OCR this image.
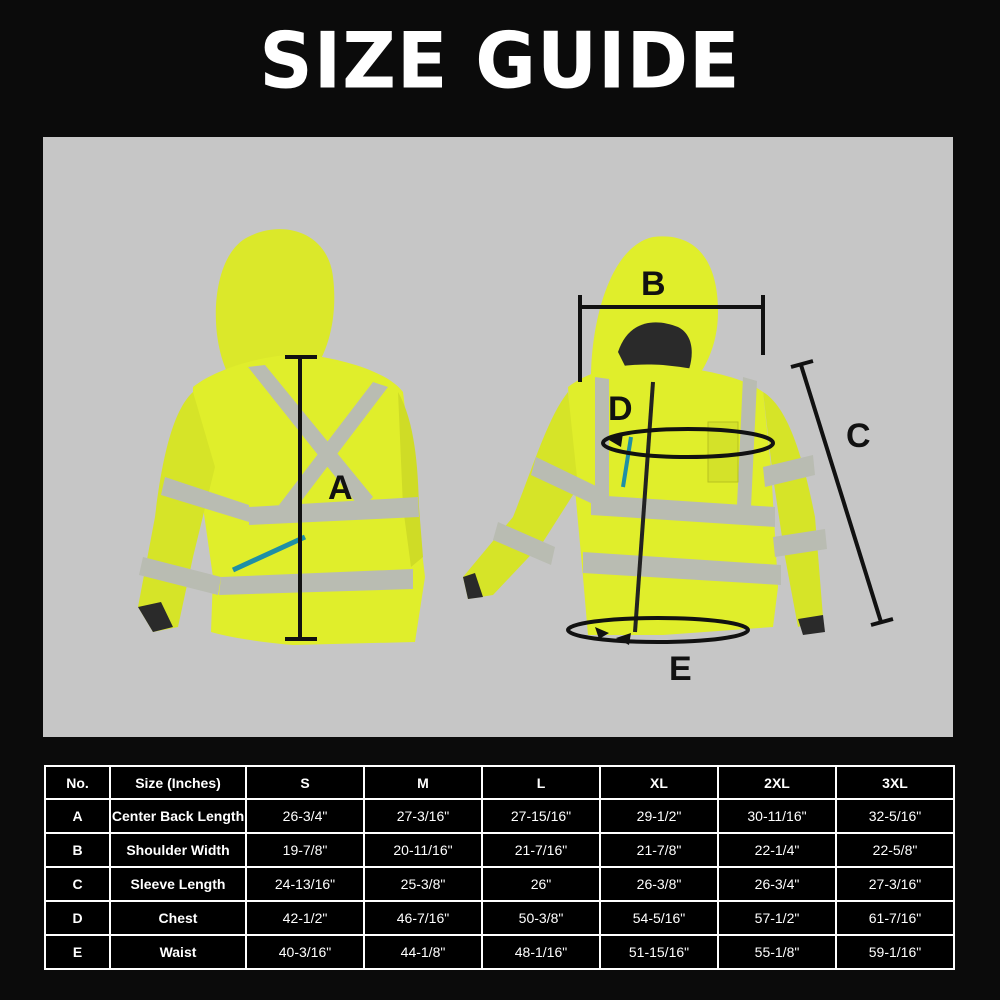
SIZE GUIDE
A
B
C
D
E
No.	Size (Inches)	S	M	L	XL	2XL	3XL
A	Center Back Length	26-3/4"	27-3/16"	27-15/16"	29-1/2"	30-11/16"	32-5/16"
B	Shoulder Width	19-7/8"	20-11/16"	21-7/16"	21-7/8"	22-1/4"	22-5/8"
C	Sleeve Length	24-13/16"	25-3/8"	26"	26-3/8"	26-3/4"	27-3/16"
D	Chest	42-1/2"	46-7/16"	50-3/8"	54-5/16"	57-1/2"	61-7/16"
E	Waist	40-3/16"	44-1/8"	48-1/16"	51-15/16"	55-1/8"	59-1/16"
